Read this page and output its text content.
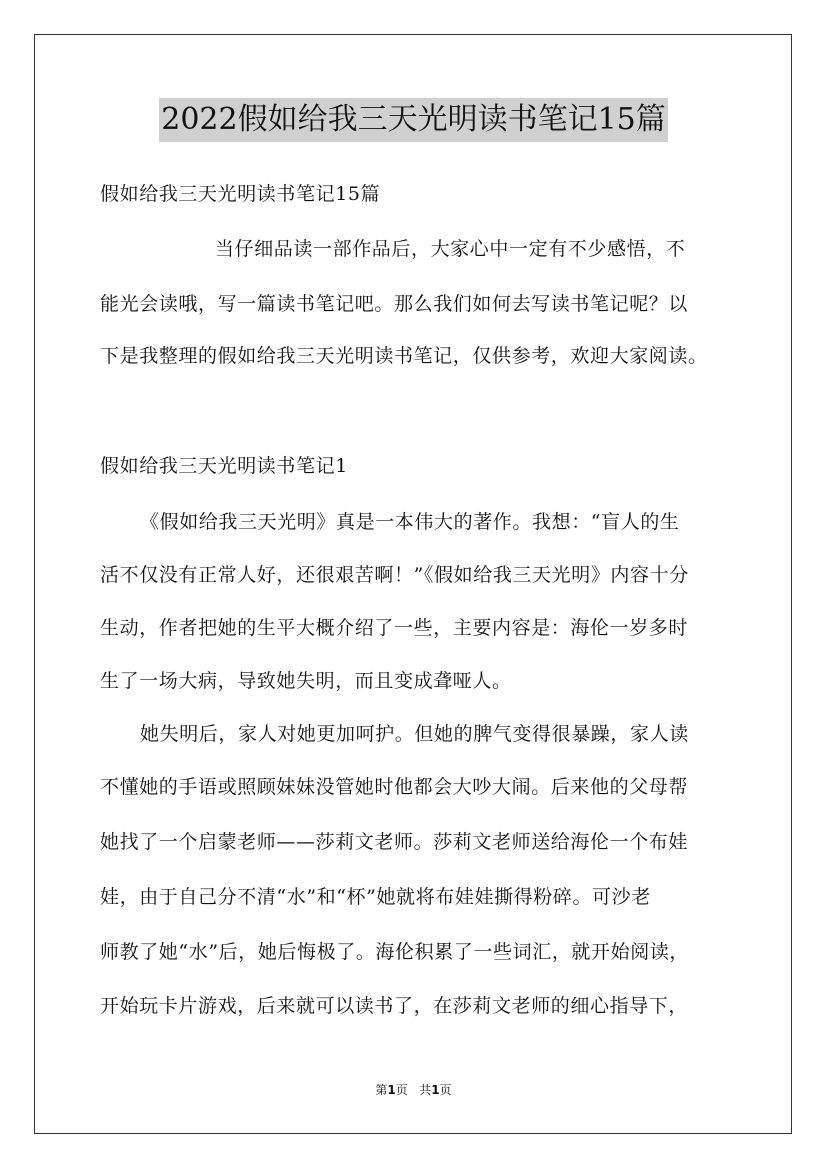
2022假如给我三天光明读书笔记15篇
假如给我三天光明读书笔记15篇
当仔细品读一部作品后，大家心中一定有不少感悟，不
能光会读哦，写一篇读书笔记吧。那么我们如何去写读书笔记呢？以
下是我整理的假如给我三天光明读书笔记，仅供参考，欢迎大家阅读。
假如给我三天光明读书笔记1
《假如给我三天光明》真是一本伟大的著作。我想：“盲人的生
活不仅没有正常人好，还很艰苦啊！”《假如给我三天光明》内容十分
生动，作者把她的生平大概介绍了一些，主要内容是：海伦一岁多时
生了一场大病，导致她失明，而且变成聋哑人。
她失明后，家人对她更加呵护。但她的脾气变得很暴躁，家人读
不懂她的手语或照顾妹妹没管她时他都会大吵大闹。后来他的父母帮
她找了一个启蒙老师——莎莉文老师。莎莉文老师送给海伦一个布娃
娃，由于自己分不清“水”和“杯”她就将布娃娃撕得粉碎。可沙老
师教了她“水”后，她后悔极了。海伦积累了一些词汇，就开始阅读，
开始玩卡片游戏，后来就可以读书了，在莎莉文老师的细心指导下，
第1页   共1页
